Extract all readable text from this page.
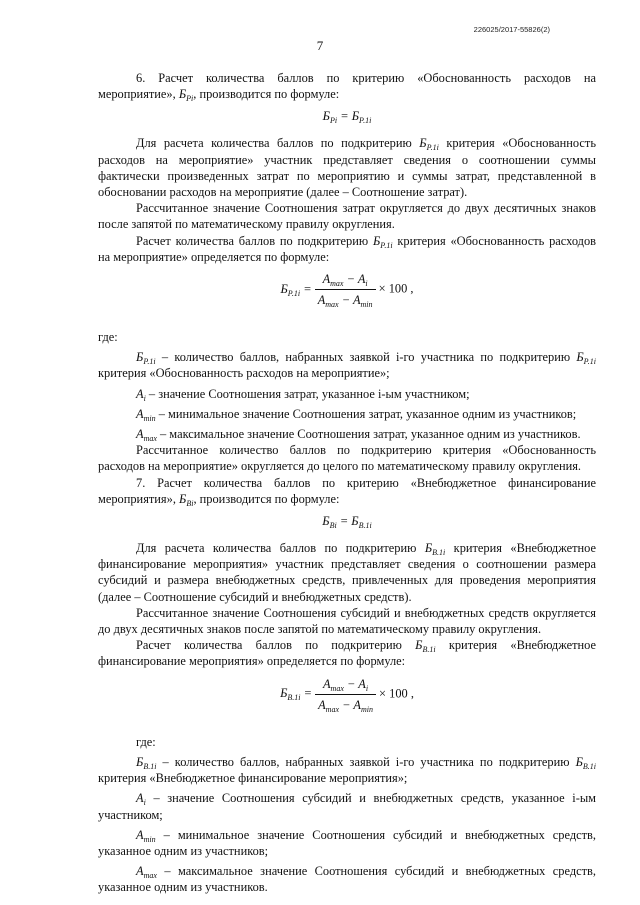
226025/2017-55826(2)
7

6. Расчет количества баллов по критерию «Обоснованность расходов на мероприятие», $Б_{Рi}$, производится по формуле:

$Б_{Рi} = Б_{Р.1i}$

Для расчета количества баллов по подкритерию $Б_{Р.1i}$ критерия «Обоснованность расходов на мероприятие» участник представляет сведения о соотношении суммы фактически произведенных затрат по мероприятию и суммы затрат, представленной в обосновании расходов на мероприятие (далее – Соотношение затрат).

Рассчитанное значение Соотношения затрат округляется до двух десятичных знаков после запятой по математическому правилу округления.

Расчет количества баллов по подкритерию $Б_{Р.1i}$ критерия «Обоснованность расходов на мероприятие» определяется по формуле:

$Б_{Р.1i} = \frac{A_{max} - A_i}{A_{max} - A_{min}} \times 100$ ,

где:

$Б_{Р.1i}$ – количество баллов, набранных заявкой i-го участника по подкритерию $Б_{Р.1i}$ критерия «Обоснованность расходов на мероприятие»;

$A_i$ – значение Соотношения затрат, указанное i-ым участником;

$A_{min}$ – минимальное значение Соотношения затрат, указанное одним из участников;

$A_{max}$ – максимальное значение Соотношения затрат, указанное одним из участников.

Рассчитанное количество баллов по подкритерию критерия «Обоснованность расходов на мероприятие» округляется до целого по математическому правилу округления.

7. Расчет количества баллов по критерию «Внебюджетное финансирование мероприятия», $Б_{Вi}$, производится по формуле:

$Б_{Вi} = Б_{В.1i}$

Для расчета количества баллов по подкритерию $Б_{В.1i}$ критерия «Внебюджетное финансирование мероприятия» участник представляет сведения о соотношении размера субсидий и размера внебюджетных средств, привлеченных для проведения мероприятия (далее – Соотношение субсидий и внебюджетных средств).

Рассчитанное значение Соотношения субсидий и внебюджетных средств округляется до двух десятичных знаков после запятой по математическому правилу округления.

Расчет количества баллов по подкритерию $Б_{В.1i}$ критерия «Внебюджетное финансирование мероприятия» определяется по формуле:

$Б_{В.1i} = \frac{A_{max} - A_i}{A_{max} - A_{min}} \times 100$ ,

где:

$Б_{В.1i}$ – количество баллов, набранных заявкой i-го участника по подкритерию $Б_{В.1i}$ критерия «Внебюджетное финансирование мероприятия»;

$A_i$ – значение Соотношения субсидий и внебюджетных средств, указанное i-ым участником;

$A_{min}$ – минимальное значение Соотношения субсидий и внебюджетных средств, указанное одним из участников;

$A_{max}$ – максимальное значение Соотношения субсидий и внебюджетных средств, указанное одним из участников.
